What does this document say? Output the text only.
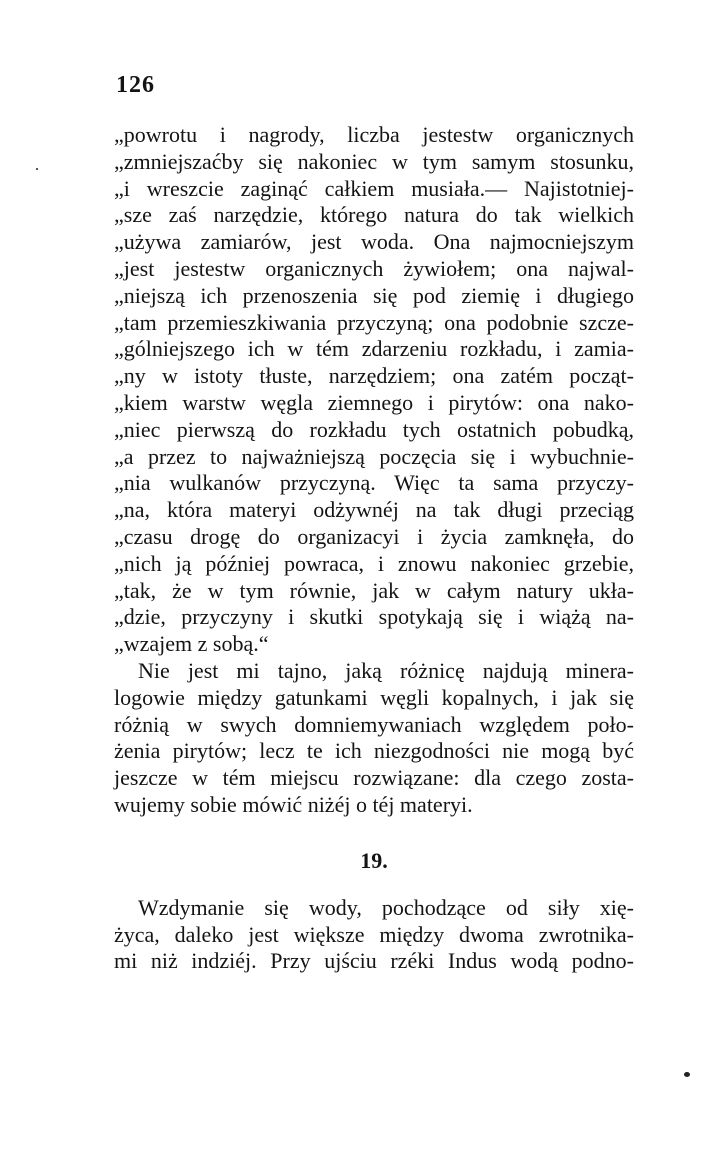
126
„powrotu i nagrody, liczba jestestw organicznych
„zmniejszaćby się nakoniec w tym samym stosunku,
„i wreszcie zaginąć całkiem musiała.— Najistotniej-
„sze zaś narzędzie, którego natura do tak wielkich
„używa zamiarów, jest woda. Ona najmocniejszym
„jest jestestw organicznych żywiołem; ona najwal-
„niejszą ich przenoszenia się pod ziemię i długiego
„tam przemieszkiwania przyczyną; ona podobnie szcze-
„gólniejszego ich w tém zdarzeniu rozkładu, i zamia-
„ny w istoty tłuste, narzędziem; ona zatém począt-
„kiem warstw węgla ziemnego i pirytów: ona nako-
„niec pierwszą do rozkładu tych ostatnich pobudką,
„a przez to najważniejszą poczęcia się i wybuchnie-
„nia wulkanów przyczyną. Więc ta sama przyczy-
„na, która materyi odżywnéj na tak długi przeciąg
„czasu drogę do organizacyi i życia zamknęła, do
„nich ją później powraca, i znowu nakoniec grzebie,
„tak, że w tym równie, jak w całym natury ukła-
„dzie, przyczyny i skutki spotykają się i wiążą na-
„wzajem z sobą.“
Nie jest mi tajno, jaką różnicę najdują minera-
logowie między gatunkami węgli kopalnych, i jak się
różnią w swych domniemywaniach względem poło-
żenia pirytów; lecz te ich niezgodności nie mogą być
jeszcze w tém miejscu rozwiązane: dla czego zosta-
wujemy sobie mówić niżéj o téj materyi.
19.
Wzdymanie się wody, pochodzące od siły xię-
życa, daleko jest większe między dwoma zwrotnika-
mi niż indziéj. Przy ujściu rzéki Indus wodą podno-
